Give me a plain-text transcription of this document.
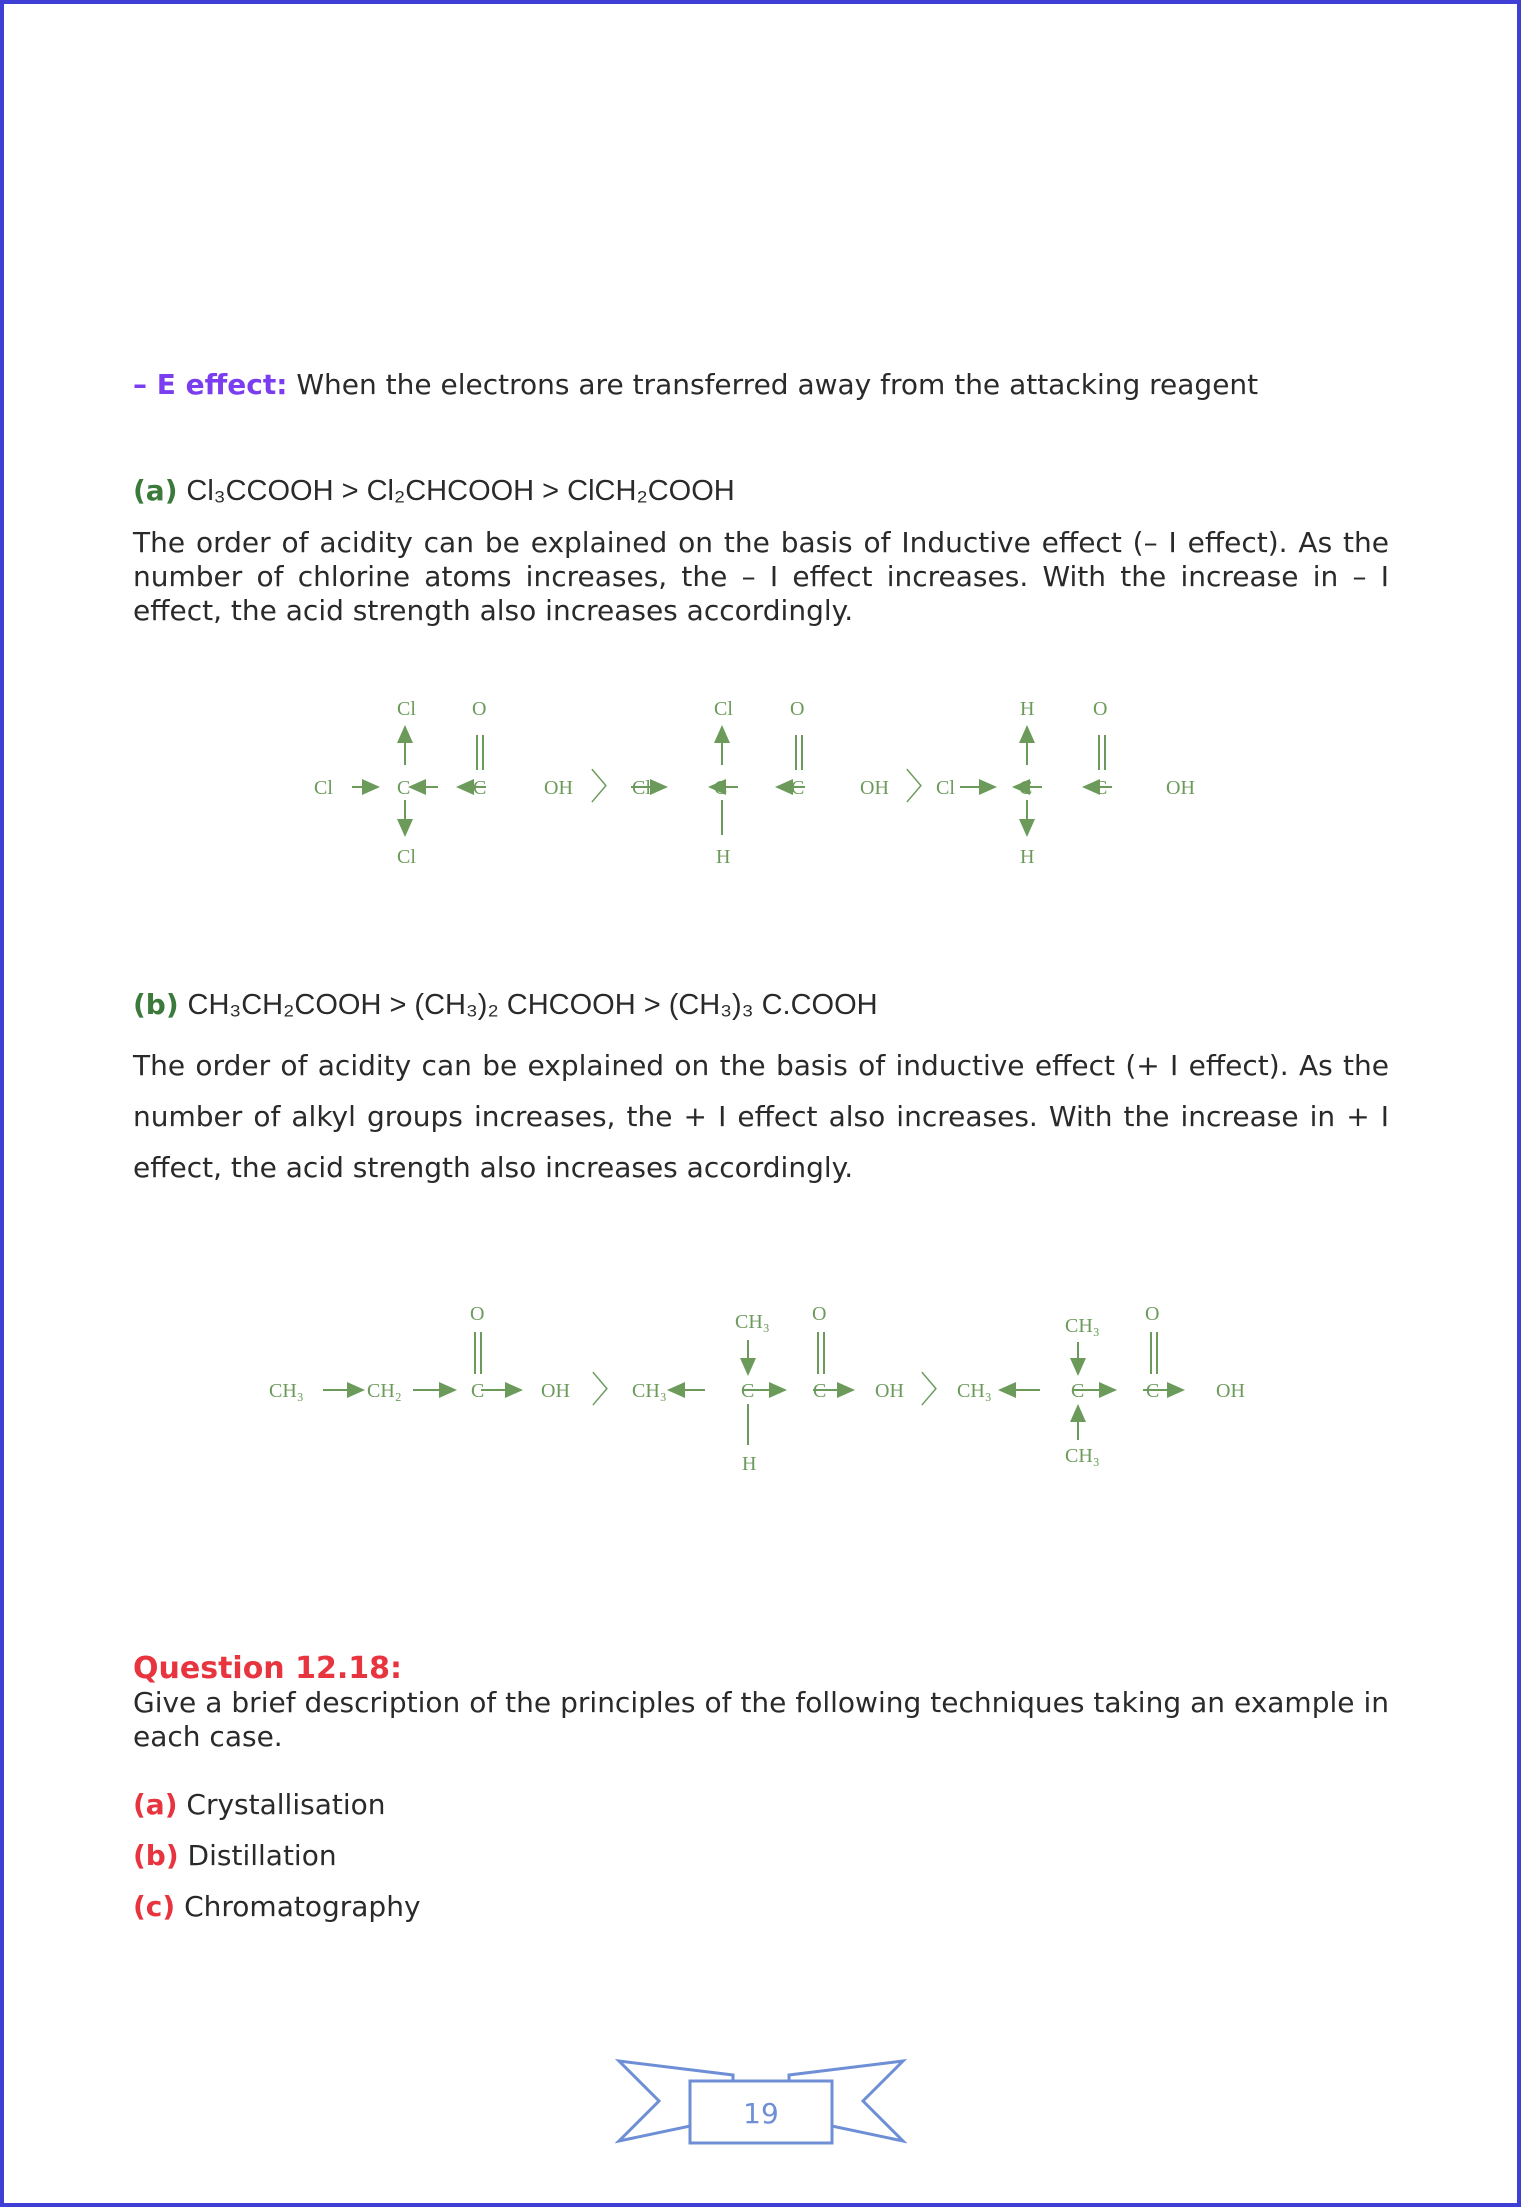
– E effect: When the electrons are transferred away from the attacking reagent
(a) Cl₃CCOOH > Cl₂CHCOOH > ClCH₂COOH
The order of acidity can be explained on the basis of Inductive effect (– I effect). As the number of chlorine atoms increases, the – I effect increases. With the increase in – I effect, the acid strength also increases accordingly.
Cl	C
Cl
Cl
C
O
OH 〉 Cl	C
Cl
H
C
O
OH 〉
Cl	C
H
H
C
O
OH
(b) CH₃CH₂COOH > (CH₃)₂ CHCOOH > (CH₃)₃ C.COOH
The order of acidity can be explained on the basis of inductive effect (+ I effect). As the number of alkyl groups increases, the + I effect also increases. With the increase in + I effect, the acid strength also increases accordingly.
CH₃	CH₂	C
O
OH 〉 CH₃	C
CH₃
H
C
O
OH 〉 CH₃	C
CH₃
CH₃
C
O
OH
Question 12.18:
Give a brief description of the principles of the following techniques taking an example in each case.
(a) Crystallisation
(b) Distillation
(c) Chromatography
19
